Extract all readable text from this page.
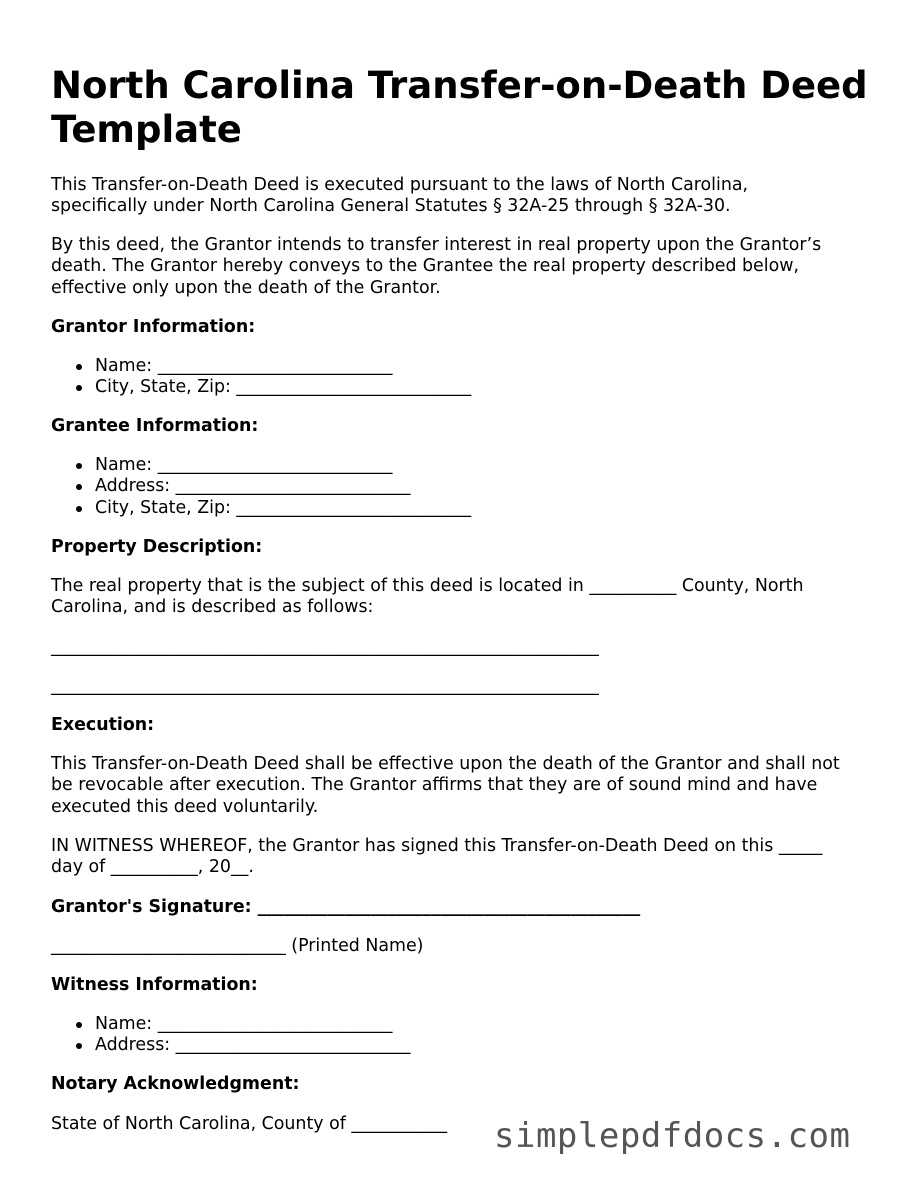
North Carolina Transfer-on-Death Deed Template
This Transfer-on-Death Deed is executed pursuant to the laws of North Carolina,
specifically under North Carolina General Statutes § 32A-25 through § 32A-30.
By this deed, the Grantor intends to transfer interest in real property upon the Grantor’s
death. The Grantor hereby conveys to the Grantee the real property described below,
effective only upon the death of the Grantor.
Grantor Information:
Name: ___________________________
City, State, Zip: ___________________________
Grantee Information:
Name: ___________________________
Address: ___________________________
City, State, Zip: ___________________________
Property Description:
The real property that is the subject of this deed is located in __________ County, North
Carolina, and is described as follows:
_______________________________________________________________
_______________________________________________________________
Execution:
This Transfer-on-Death Deed shall be effective upon the death of the Grantor and shall not
be revocable after execution. The Grantor affirms that they are of sound mind and have
executed this deed voluntarily.
IN WITNESS WHEREOF, the Grantor has signed this Transfer-on-Death Deed on this _____
day of __________, 20__.
Grantor's Signature: ____________________________________________
___________________________ (Printed Name)
Witness Information:
Name: ___________________________
Address: ___________________________
Notary Acknowledgment:
State of North Carolina, County of ___________ simplepdfdocs.com
